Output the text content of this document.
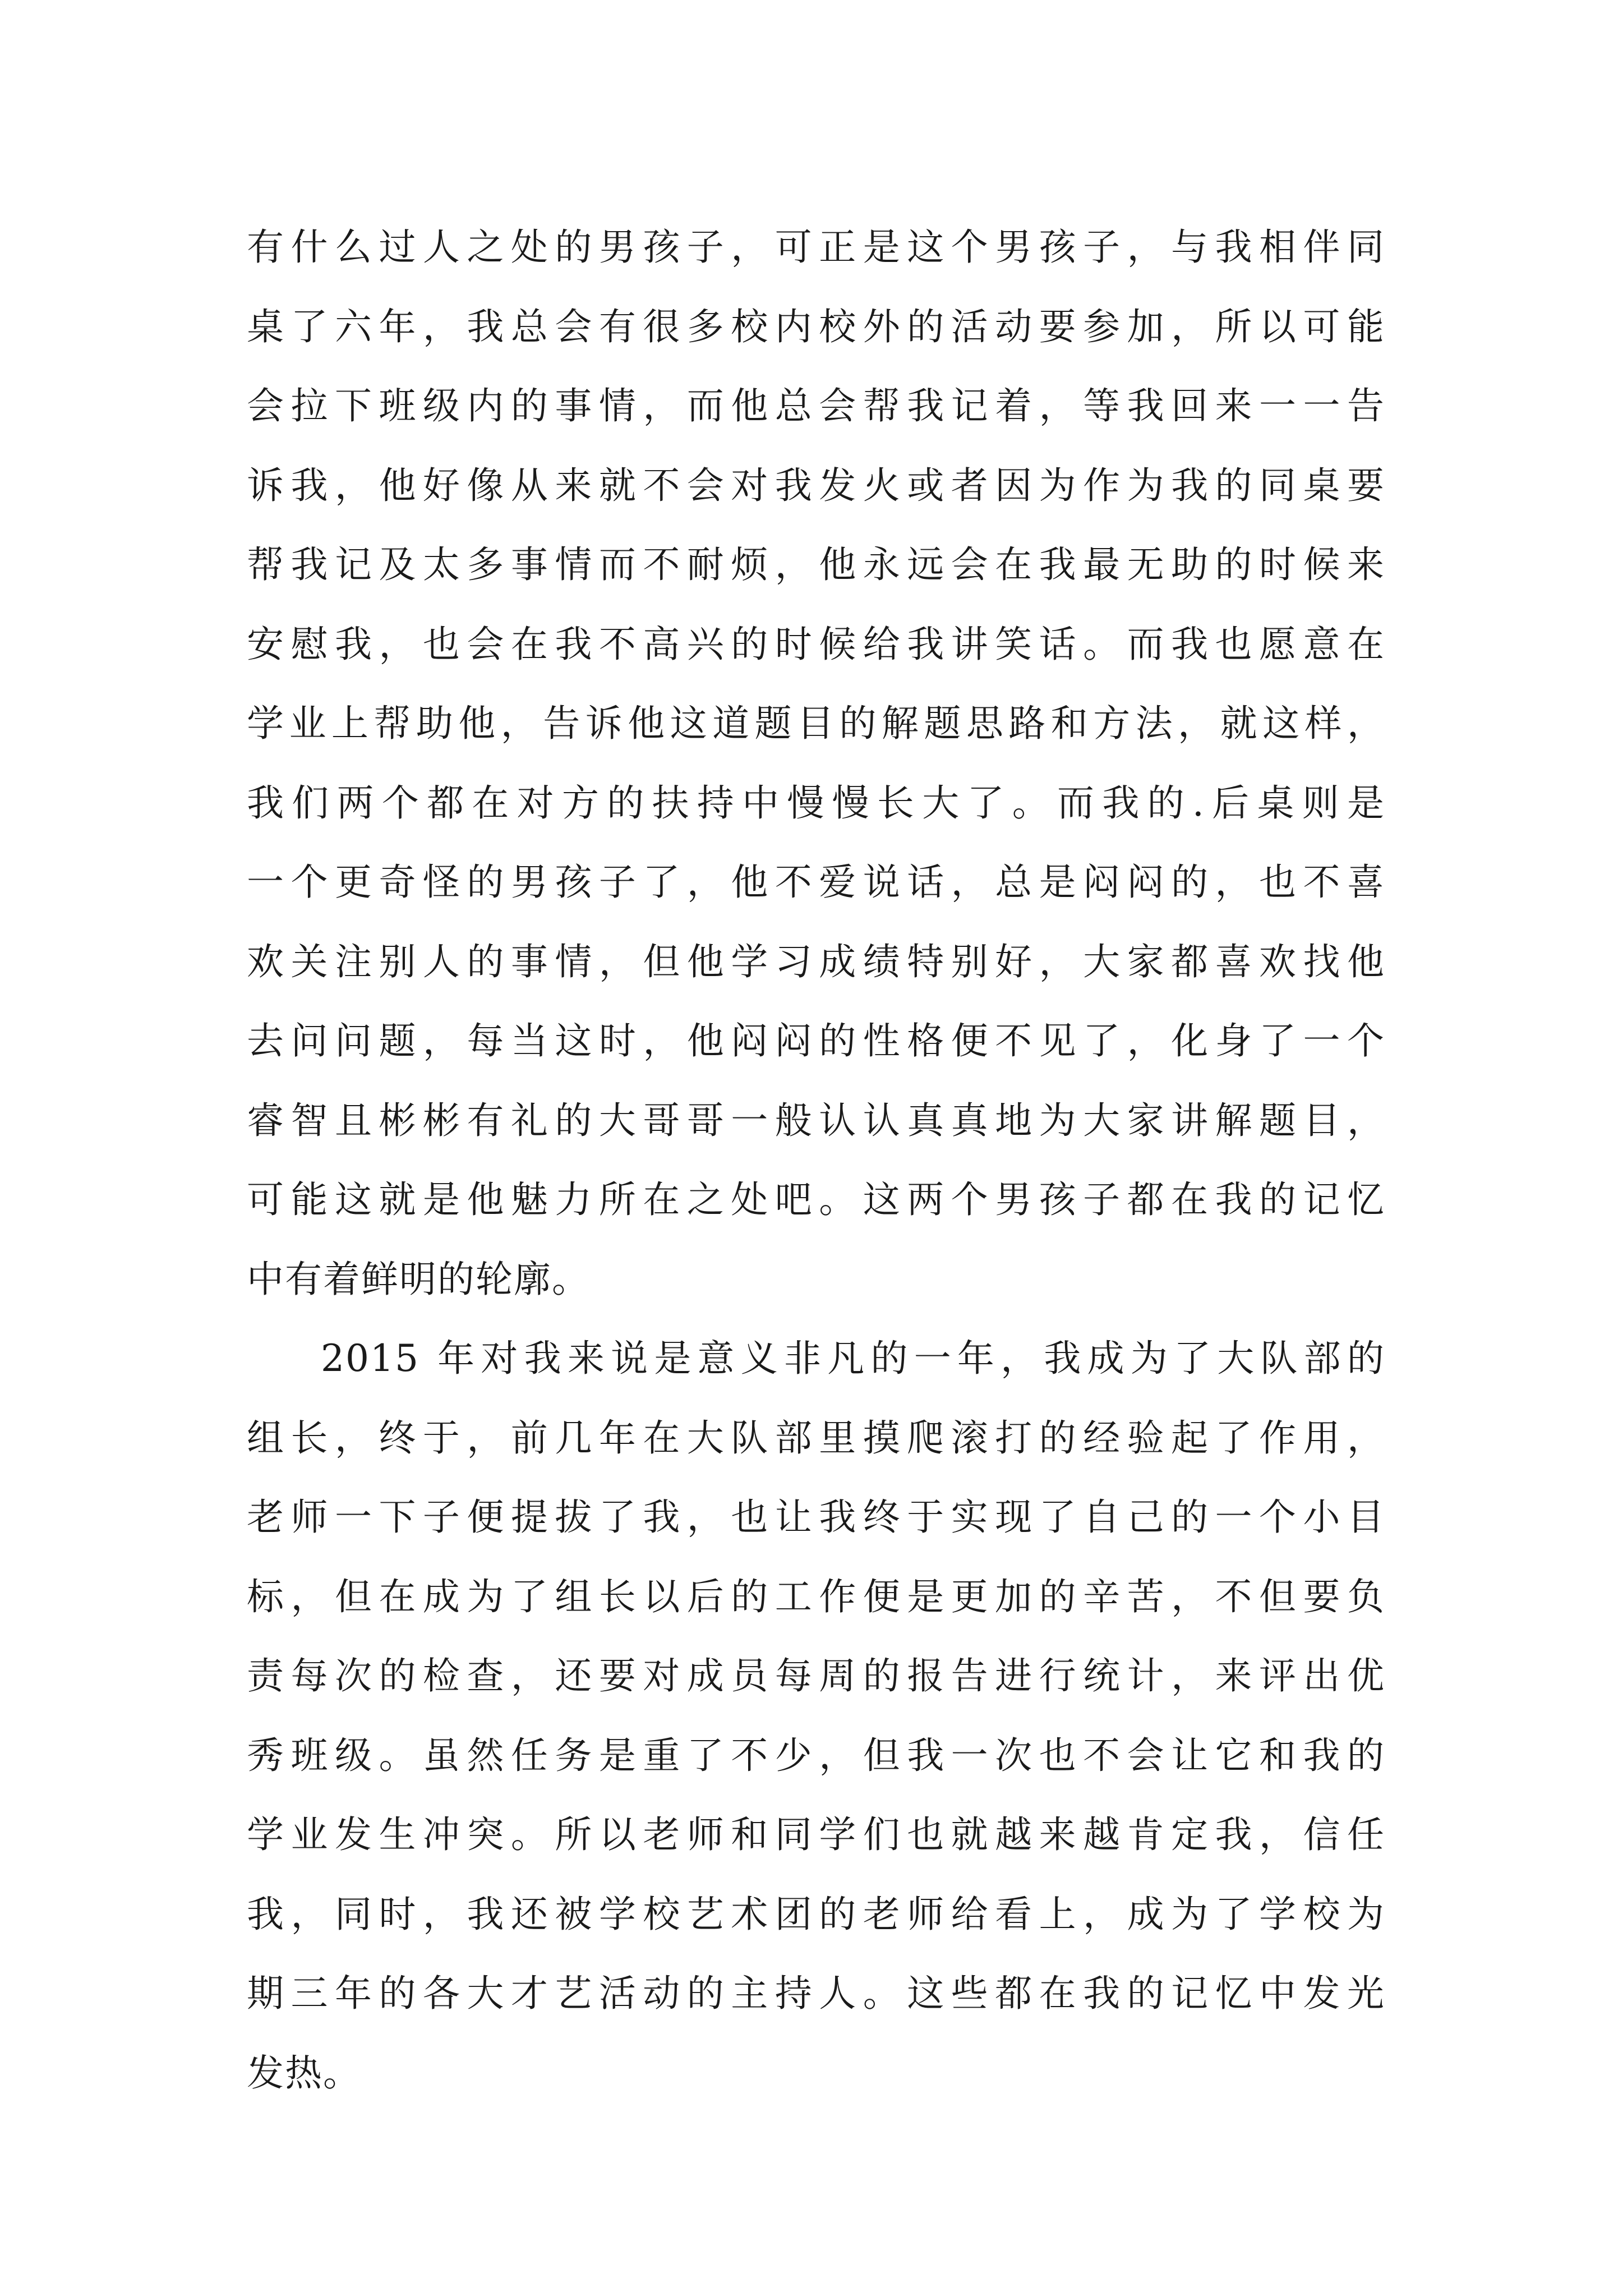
有什么过人之处的男孩子，可正是这个男孩子，与我相伴同
桌了六年，我总会有很多校内校外的活动要参加，所以可能
会拉下班级内的事情，而他总会帮我记着，等我回来一一告
诉我，他好像从来就不会对我发火或者因为作为我的同桌要
帮我记及太多事情而不耐烦，他永远会在我最无助的时候来
安慰我，也会在我不高兴的时候给我讲笑话。而我也愿意在
学业上帮助他，告诉他这道题目的解题思路和方法，就这样，
我们两个都在对方的扶持中慢慢长大了。而我的.后桌则是
一个更奇怪的男孩子了，他不爱说话，总是闷闷的，也不喜
欢关注别人的事情，但他学习成绩特别好，大家都喜欢找他
去问问题，每当这时，他闷闷的性格便不见了，化身了一个
睿智且彬彬有礼的大哥哥一般认认真真地为大家讲解题目，
可能这就是他魅力所在之处吧。这两个男孩子都在我的记忆
中有着鲜明的轮廓。
2015 年对我来说是意义非凡的一年，我成为了大队部的
组长，终于，前几年在大队部里摸爬滚打的经验起了作用，
老师一下子便提拔了我，也让我终于实现了自己的一个小目
标，但在成为了组长以后的工作便是更加的辛苦，不但要负
责每次的检查，还要对成员每周的报告进行统计，来评出优
秀班级。虽然任务是重了不少，但我一次也不会让它和我的
学业发生冲突。所以老师和同学们也就越来越肯定我，信任
我，同时，我还被学校艺术团的老师给看上，成为了学校为
期三年的各大才艺活动的主持人。这些都在我的记忆中发光
发热。
